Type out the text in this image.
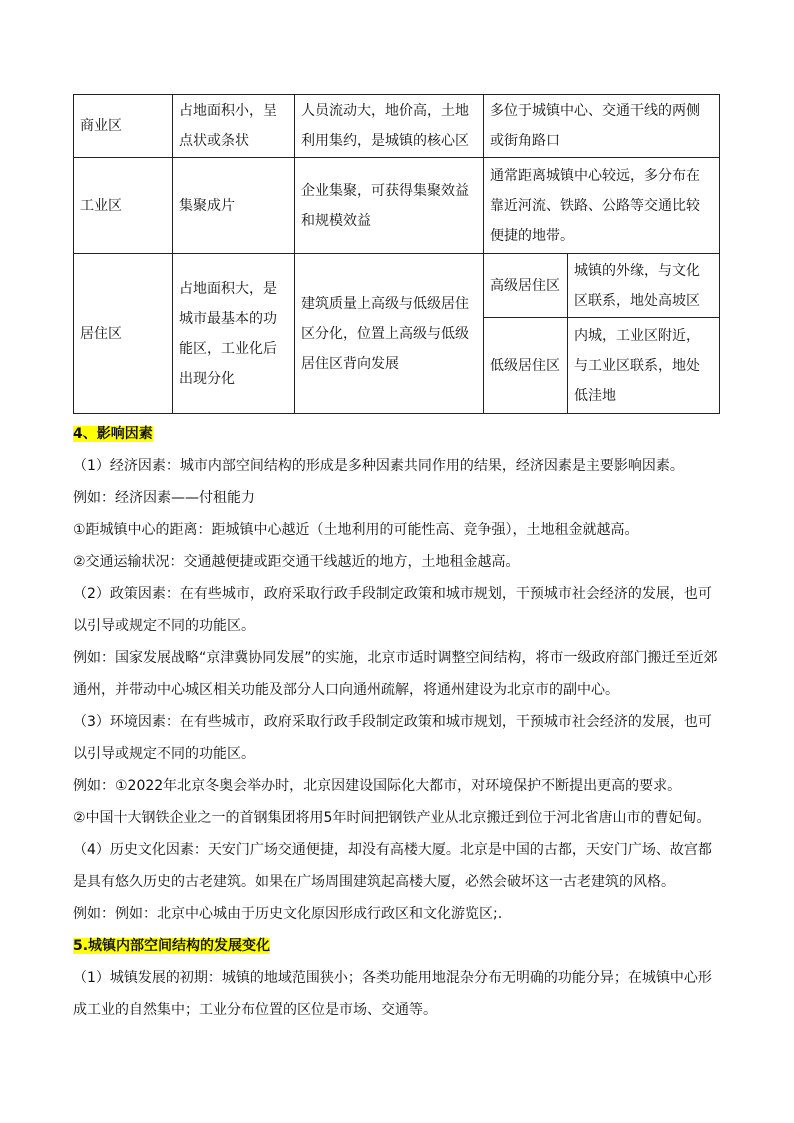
商业区	占地面积小，呈点状或条状	人员流动大，地价高，土地利用集约，是城镇的核心区	多位于城镇中心、交通干线的两侧或街角路口	
工业区	集聚成片	企业集聚，可获得集聚效益和规模效益	通常距离城镇中心较远，多分布在靠近河流、铁路、公路等交通比较便捷的地带。	
居住区	占地面积大，是城市最基本的功能区，工业化后出现分化	建筑质量上高级与低级居住区分化，位置上高级与低级居住区背向发展	高级居住区	城镇的外缘，与文化区联系，地处高坡区
			低级居住区	内城，工业区附近，与工业区联系，地处低洼地

4、影响因素

（1）经济因素：城市内部空间结构的形成是多种因素共同作用的结果，经济因素是主要影响因素。

例如：经济因素——付租能力

①距城镇中心的距离：距城镇中心越近（土地利用的可能性高、竞争强），土地租金就越高。

②交通运输状况：交通越便捷或距交通干线越近的地方，土地租金越高。

（2）政策因素：在有些城市，政府采取行政手段制定政策和城市规划，干预城市社会经济的发展，也可以引导或规定不同的功能区。

例如：国家发展战略“京津冀协同发展”的实施，北京市适时调整空间结构，将市一级政府部门搬迁至近郊通州，并带动中心城区相关功能及部分人口向通州疏解，将通州建设为北京市的副中心。

（3）环境因素：在有些城市，政府采取行政手段制定政策和城市规划，干预城市社会经济的发展，也可以引导或规定不同的功能区。

例如：①2022年北京冬奥会举办时，北京因建设国际化大都市，对环境保护不断提出更高的要求。

②中国十大钢铁企业之一的首钢集团将用5年时间把钢铁产业从北京搬迁到位于河北省唐山市的曹妃甸。

（4）历史文化因素：天安门广场交通便捷，却没有高楼大厦。北京是中国的古都，天安门广场、故宫都是具有悠久历史的古老建筑。如果在广场周围建筑起高楼大厦，必然会破坏这一古老建筑的风格。

例如：例如：北京中心城由于历史文化原因形成行政区和文化游览区;.

5.城镇内部空间结构的发展变化

（1）城镇发展的初期：城镇的地域范围狭小；各类功能用地混杂分布无明确的功能分异；在城镇中心形成工业的自然集中；工业分布位置的区位是市场、交通等。
